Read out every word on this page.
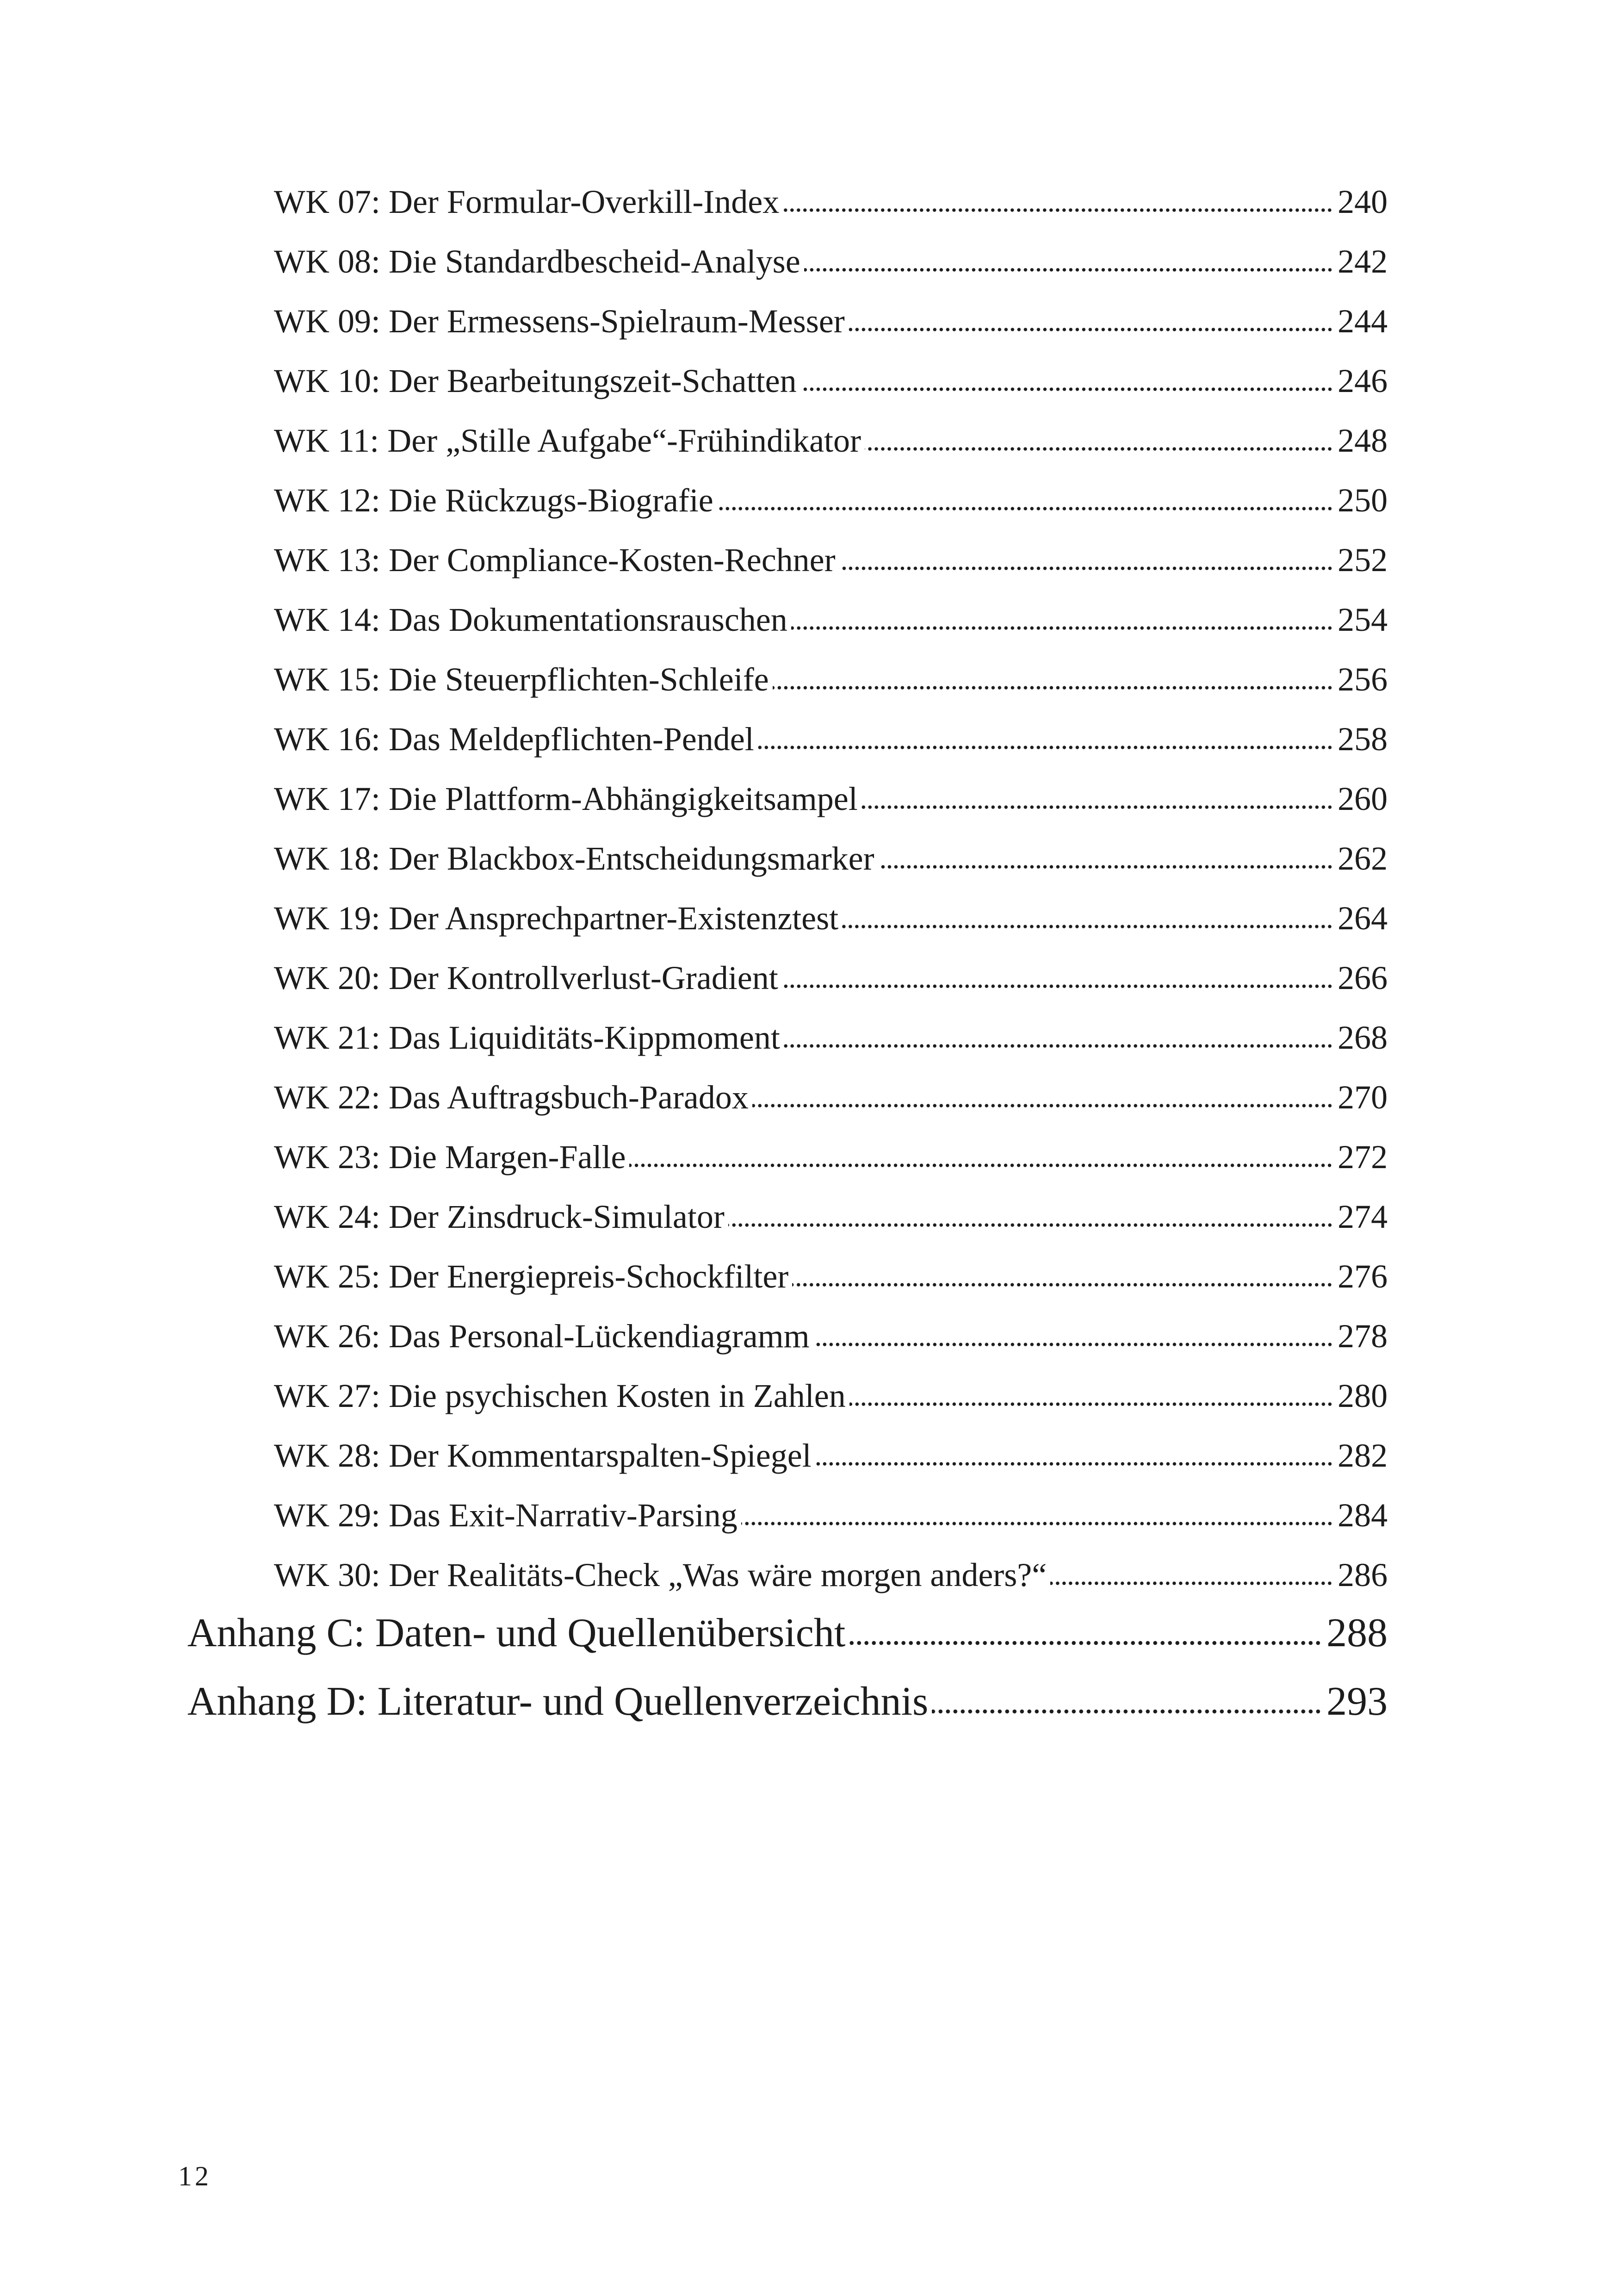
WK 07: Der Formular-Overkill-Index	240
WK 08: Die Standardbescheid-Analyse	242
WK 09: Der Ermessens-Spielraum-Messer	244
WK 10: Der Bearbeitungszeit-Schatten	246
WK 11: Der „Stille Aufgabe“-Frühindikator	248
WK 12: Die Rückzugs-Biografie	250
WK 13: Der Compliance-Kosten-Rechner	252
WK 14: Das Dokumentationsrauschen	254
WK 15: Die Steuerpflichten-Schleife	256
WK 16: Das Meldepflichten-Pendel	258
WK 17: Die Plattform-Abhängigkeitsampel	260
WK 18: Der Blackbox-Entscheidungsmarker	262
WK 19: Der Ansprechpartner-Existenztest	264
WK 20: Der Kontrollverlust-Gradient	266
WK 21: Das Liquiditäts-Kippmoment	268
WK 22: Das Auftragsbuch-Paradox	270
WK 23: Die Margen-Falle	272
WK 24: Der Zinsdruck-Simulator	274
WK 25: Der Energiepreis-Schockfilter	276
WK 26: Das Personal-Lückendiagramm	278
WK 27: Die psychischen Kosten in Zahlen	280
WK 28: Der Kommentarspalten-Spiegel	282
WK 29: Das Exit-Narrativ-Parsing	284
WK 30: Der Realitäts-Check „Was wäre morgen anders?“	286
Anhang C: Daten- und Quellenübersicht	288
Anhang D: Literatur- und Quellenverzeichnis	293
12
